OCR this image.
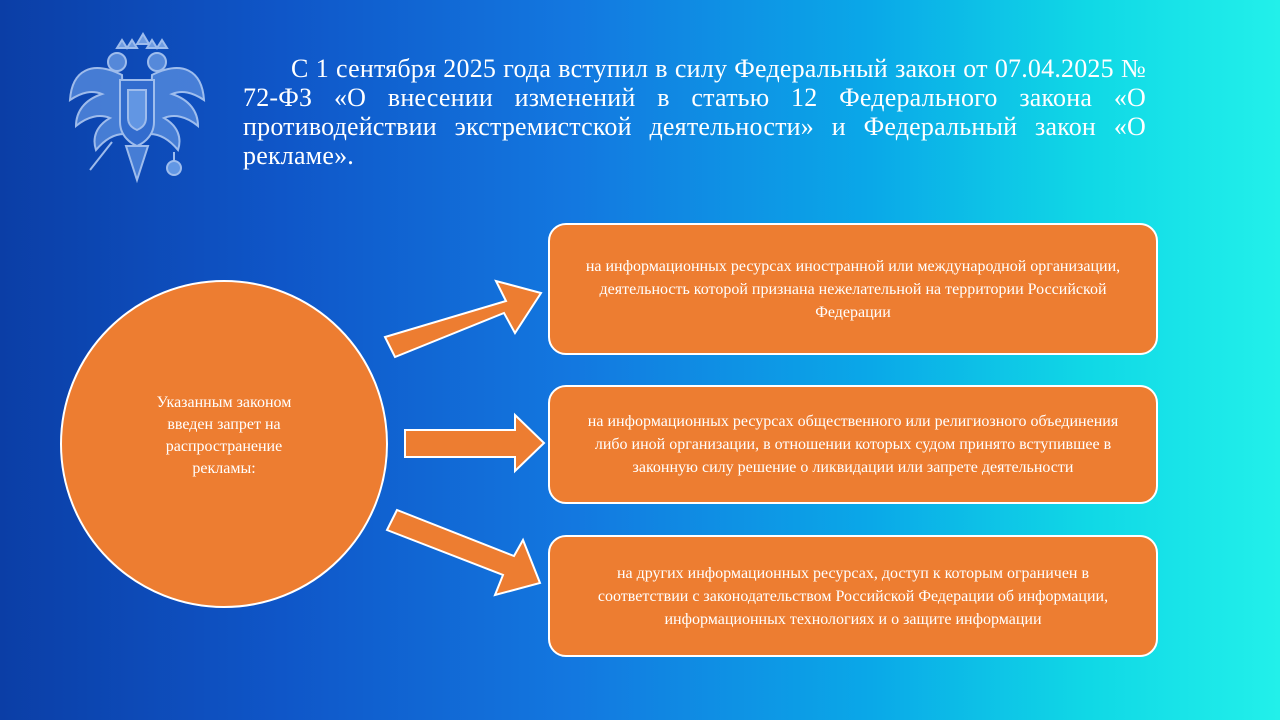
С 1 сентября 2025 года вступил в силу Федеральный закон от 07.04.2025 № 72-ФЗ «О внесении изменений в статью 12 Федерального закона «О противодействии экстремистской деятельности» и Федеральный закон «О рекламе».

Указанным законом введен запрет на распространение рекламы:
на информационных ресурсах иностранной или международной организации, деятельность которой признана нежелательной на территории Российской Федерации
на информационных ресурсах общественного или религиозного объединения либо иной организации, в отношении которых судом принято вступившее в законную силу решение о ликвидации или запрете деятельности
на других информационных ресурсах, доступ к которым ограничен в соответствии с законодательством Российской Федерации об информации, информационных технологиях и о защите информации
